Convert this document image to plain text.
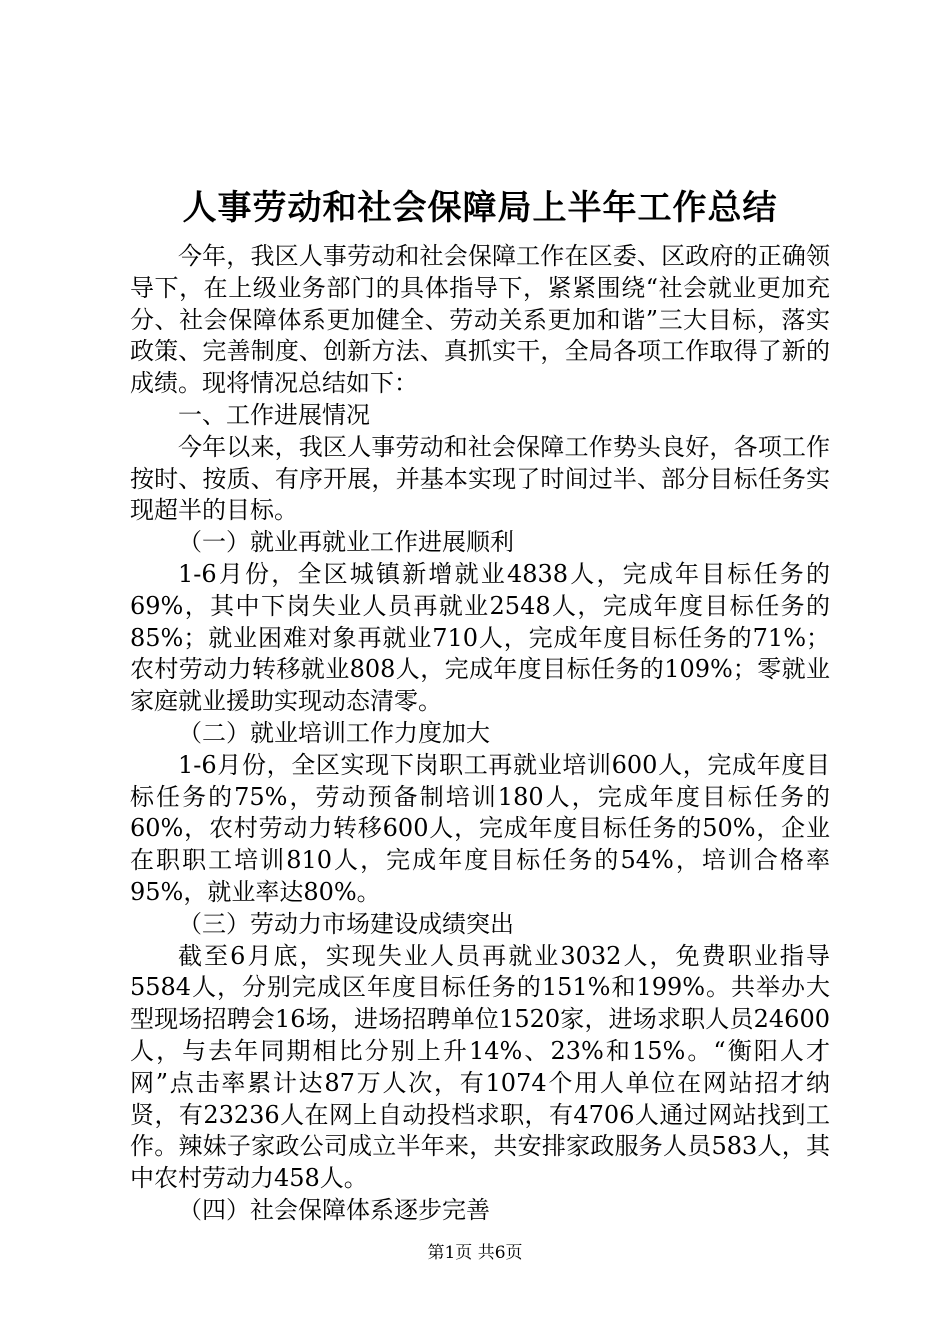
人事劳动和社会保障局上半年工作总结

今年，我区人事劳动和社会保障工作在区委、区政府的正确领导下，在上级业务部门的具体指导下，紧紧围绕“社会就业更加充分、社会保障体系更加健全、劳动关系更加和谐”三大目标，落实政策、完善制度、创新方法、真抓实干，全局各项工作取得了新的成绩。现将情况总结如下：

一、工作进展情况

今年以来，我区人事劳动和社会保障工作势头良好，各项工作按时、按质、有序开展，并基本实现了时间过半、部分目标任务实现超半的目标。

（一）就业再就业工作进展顺利

1-6月份，全区城镇新增就业4838人，完成年目标任务的69%，其中下岗失业人员再就业2548人，完成年度目标任务的85%；就业困难对象再就业710人，完成年度目标任务的71%；农村劳动力转移就业808人，完成年度目标任务的109%；零就业家庭就业援助实现动态清零。

（二）就业培训工作力度加大

1-6月份，全区实现下岗职工再就业培训600人，完成年度目标任务的75%，劳动预备制培训180人，完成年度目标任务的60%，农村劳动力转移600人，完成年度目标任务的50%，企业在职职工培训810人，完成年度目标任务的54%，培训合格率95%，就业率达80%。

（三）劳动力市场建设成绩突出

截至6月底，实现失业人员再就业3032人，免费职业指导5584人，分别完成区年度目标任务的151%和199%。共举办大型现场招聘会16场，进场招聘单位1520家，进场求职人员24600人，与去年同期相比分别上升14%、23%和15%。“衡阳人才网”点击率累计达87万人次，有1074个用人单位在网站招才纳贤，有23236人在网上自动投档求职，有4706人通过网站找到工作。辣妹子家政公司成立半年来，共安排家政服务人员583人，其中农村劳动力458人。

（四）社会保障体系逐步完善

第1页 共6页
